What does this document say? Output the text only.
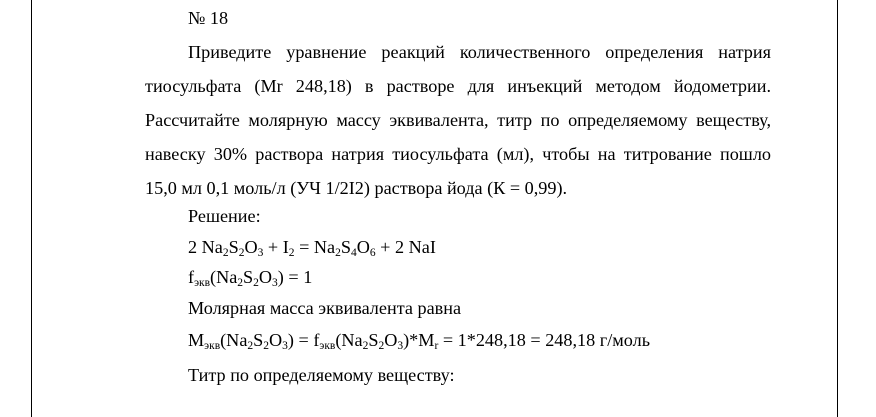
№ 18
Приведите уравнение реакций количественного определения натрия
тиосульфата (Mr 248,18) в растворе для инъекций методом йодометрии.
Рассчитайте молярную массу эквивалента, титр по определяемому веществу,
навеску 30% раствора натрия тиосульфата (мл), чтобы на титрование пошло
15,0 мл 0,1 моль/л (УЧ 1/2I2) раствора йода (К = 0,99).
Решение:
2 $Na_2S_2O_3 + I_2 = Na_2S_4O_6 + 2$ NaI
$f_{экв}(Na_2S_2O_3) = 1$
Молярная масса эквивалента равна
$M_{экв}(Na_2S_2O_3) = f_{экв}(Na_2S_2O_3)*M_r = 1*248,18 = 248,18$ г/моль
Титр по определяемому веществу:
